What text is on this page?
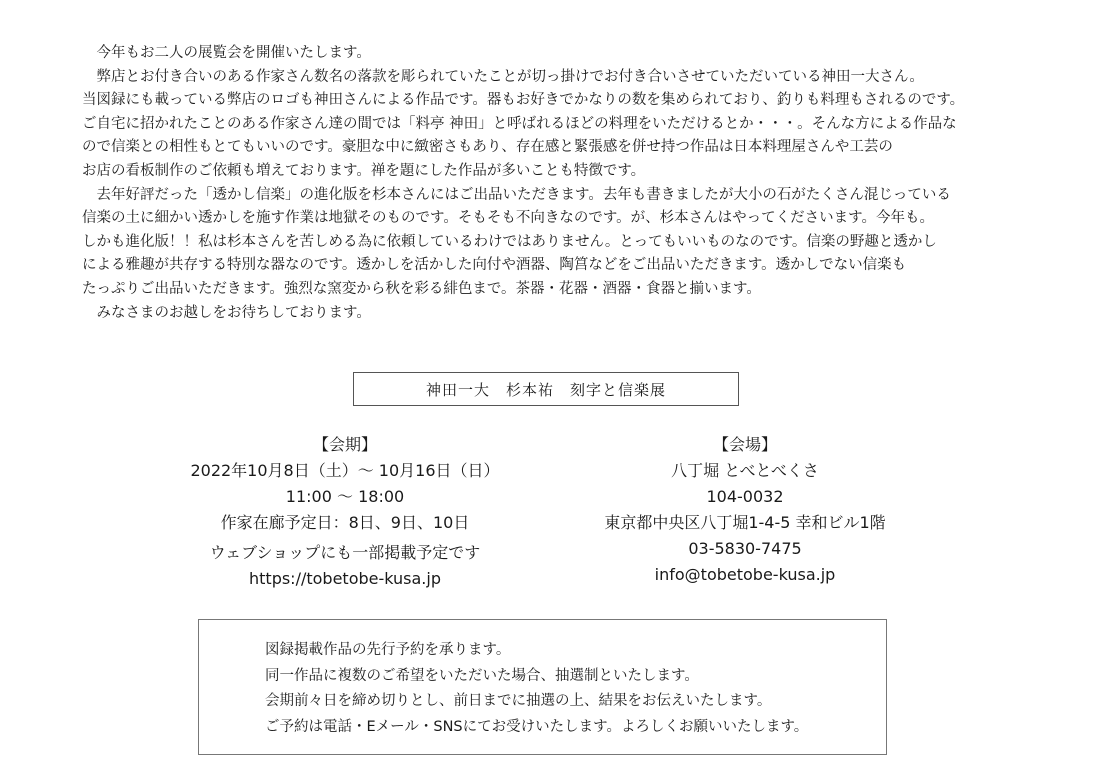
　今年もお二人の展覧会を開催いたします。

　弊店とお付き合いのある作家さん数名の落款を彫られていたことが切っ掛けでお付き合いさせていただいている神田一大さん。

当図録にも載っている弊店のロゴも神田さんによる作品です。器もお好きでかなりの数を集められており、釣りも料理もされるのです。

ご自宅に招かれたことのある作家さん達の間では「料亭 神田」と呼ばれるほどの料理をいただけるとか・・・。そんな方による作品な

ので信楽との相性もとてもいいのです。豪胆な中に緻密さもあり、存在感と緊張感を併せ持つ作品は日本料理屋さんや工芸の

お店の看板制作のご依頼も増えております。禅を題にした作品が多いことも特徴です。

　去年好評だった「透かし信楽」の進化版を杉本さんにはご出品いただきます。去年も書きましたが大小の石がたくさん混じっている

信楽の土に細かい透かしを施す作業は地獄そのものです。そもそも不向きなのです。が、杉本さんはやってくださいます。今年も。

しかも進化版！！私は杉本さんを苦しめる為に依頼しているわけではありません。とってもいいものなのです。信楽の野趣と透かし

による雅趣が共存する特別な器なのです。透かしを活かした向付や酒器、陶筥などをご出品いただきます。透かしでない信楽も

たっぷりご出品いただきます。強烈な窯変から秋を彩る緋色まで。茶器・花器・酒器・食器と揃います。

　みなさまのお越しをお待ちしております。

神田一大　杉本祐　刻字と信楽展
【会期】
2022年10月8日（土）～ 10月16日（日）
11:00 ～ 18:00
作家在廊予定日：8日、9日、10日
ウェブショップにも一部掲載予定です
https://tobetobe-kusa.jp
【会場】
八丁堀 とべとべくさ
104-0032
東京都中央区八丁堀1-4-5 幸和ビル1階
03-5830-7475
info@tobetobe-kusa.jp

図録掲載作品の先行予約を承ります。

同一作品に複数のご希望をいただいた場合、抽選制といたします。

会期前々日を締め切りとし、前日までに抽選の上、結果をお伝えいたします。

ご予約は電話・Eメール・SNSにてお受けいたします。よろしくお願いいたします。
